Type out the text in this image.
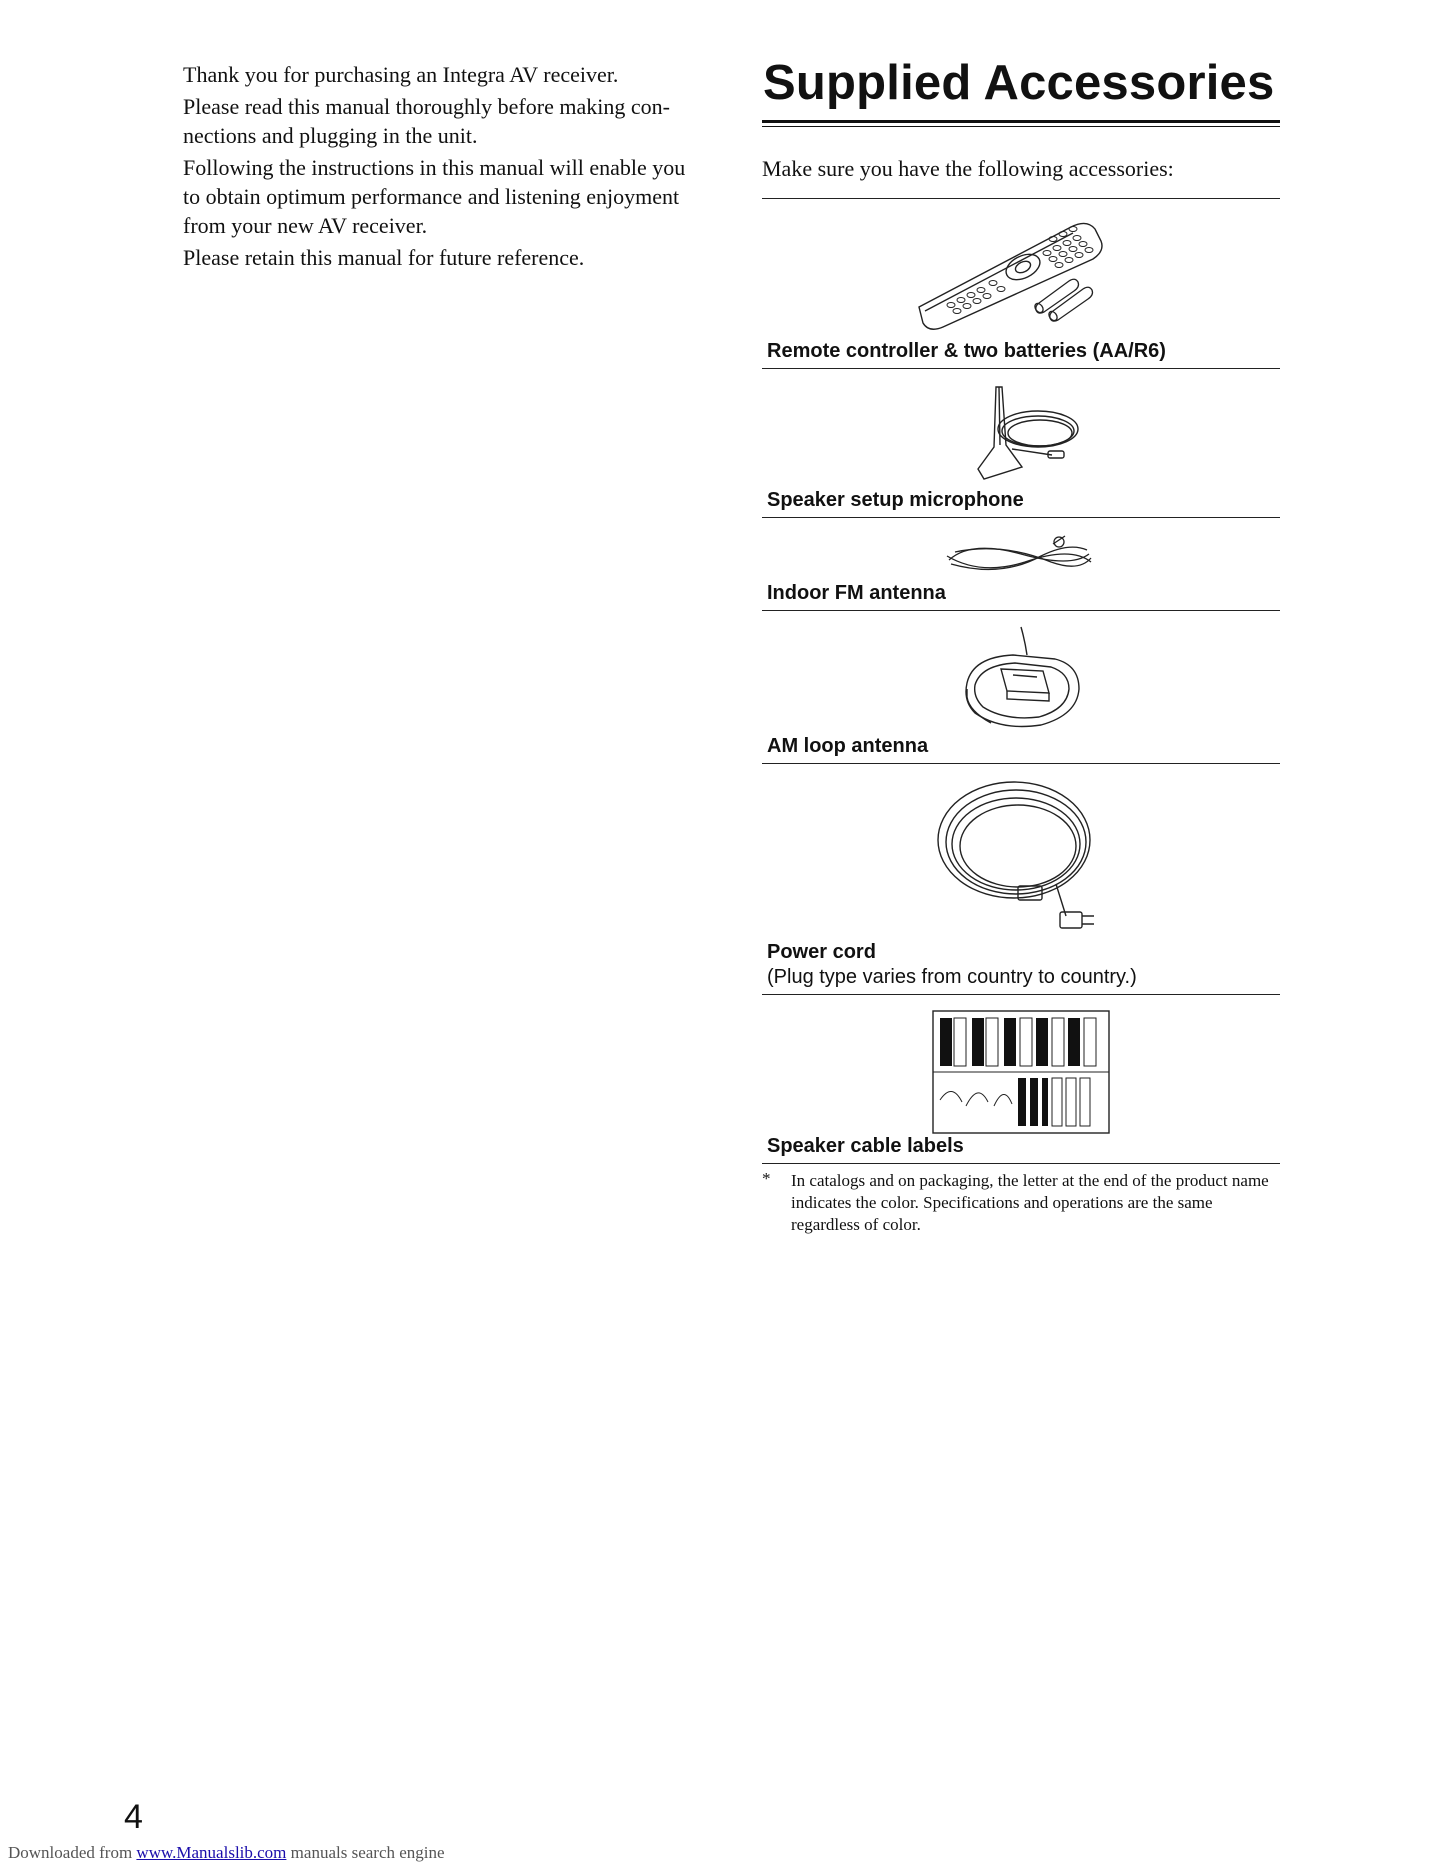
Thank you for purchasing an Integra AV receiver.

Please read this manual thoroughly before making con-nections and plugging in the unit.

Following the instructions in this manual will enable you to obtain optimum performance and listening enjoyment from your new AV receiver.

Please retain this manual for future reference.

Supplied Accessories
Make sure you have the following accessories:
Remote controller & two batteries (AA/R6)
Speaker setup microphone
Indoor FM antenna
AM loop antenna
Power cord
(Plug type varies from country to country.)
Speaker cable labels
* In catalogs and on packaging, the letter at the end of the product name indicates the color. Specifications and operations are the same regardless of color.
4
Downloaded from www.Manualslib.com manuals search engine
